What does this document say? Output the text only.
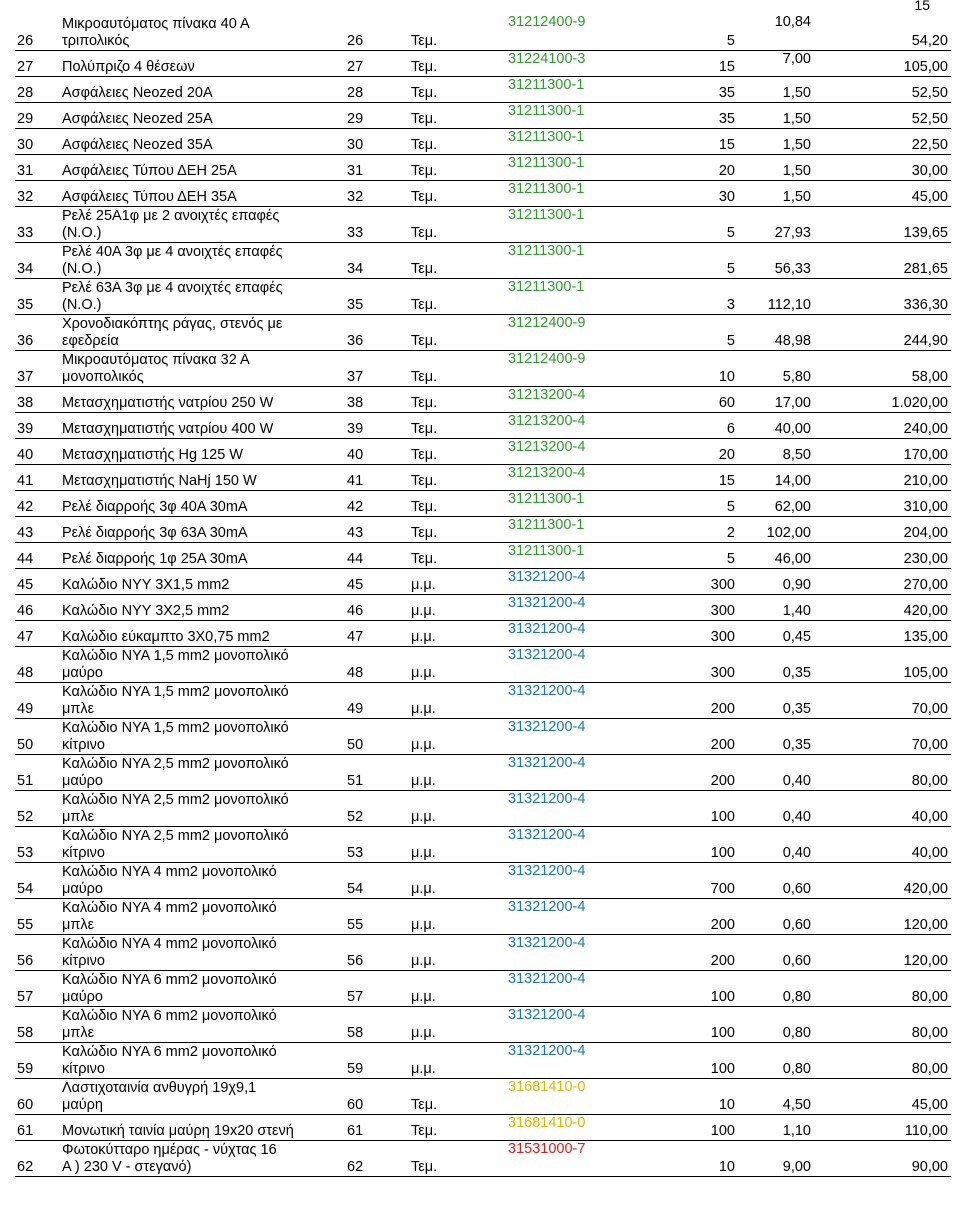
15
26	Μικροαυτόματος πίνακα 40 Α
τριπολικός	26	Τεμ.	31212400-9	5	10,84	54,20
27	Πολύπριζο 4 θέσεων	27	Τεμ.	31224100-3	15	7,00	105,00
28	Ασφάλειες Neozed 20A	28	Τεμ.	31211300-1	35	1,50	52,50
29	Ασφάλειες Neozed 25A	29	Τεμ.	31211300-1	35	1,50	52,50
30	Ασφάλειες Neozed 35A	30	Τεμ.	31211300-1	15	1,50	22,50
31	Ασφάλειες Τύπου ΔΕΗ 25Α	31	Τεμ.	31211300-1	20	1,50	30,00
32	Ασφάλειες Τύπου ΔΕΗ 35Α	32	Τεμ.	31211300-1	30	1,50	45,00
33	Ρελέ 25Α1φ με 2 ανοιχτές επαφές
(Ν.Ο.)	33	Τεμ.	31211300-1	5	27,93	139,65
34	Ρελέ 40Α 3φ με 4 ανοιχτές επαφές
(Ν.Ο.)	34	Τεμ.	31211300-1	5	56,33	281,65
35	Ρελέ 63Α 3φ με 4 ανοιχτές επαφές
(Ν.Ο.)	35	Τεμ.	31211300-1	3	112,10	336,30
36	Χρονοδιακόπτης ράγας, στενός με
εφεδρεία	36	Τεμ.	31212400-9	5	48,98	244,90
37	Μικροαυτόματος πίνακα 32 Α
μονοπολικός	37	Τεμ.	31212400-9	10	5,80	58,00
38	Μετασχηματιστής νατρίου 250 W	38	Τεμ.	31213200-4	60	17,00	1.020,00
39	Μετασχηματιστής νατρίου 400 W	39	Τεμ.	31213200-4	6	40,00	240,00
40	Μετασχηματιστής Hg 125 W	40	Τεμ.	31213200-4	20	8,50	170,00
41	Μετασχηματιστής NaHj 150 W	41	Τεμ.	31213200-4	15	14,00	210,00
42	Ρελέ διαρροής 3φ 40Α 30mA	42	Τεμ.	31211300-1	5	62,00	310,00
43	Ρελέ διαρροής 3φ 63Α 30mA	43	Τεμ.	31211300-1	2	102,00	204,00
44	Ρελέ διαρροής 1φ 25Α 30mA	44	Τεμ.	31211300-1	5	46,00	230,00
45	Καλώδιο NYY 3X1,5 mm2	45	μ.μ.	31321200-4	300	0,90	270,00
46	Καλώδιο NYY 3X2,5 mm2	46	μ.μ.	31321200-4	300	1,40	420,00
47	Καλώδιο εύκαμπτο 3Χ0,75 mm2	47	μ.μ.	31321200-4	300	0,45	135,00
48	Καλώδιο NYA 1,5 mm2 μονοπολικό
μαύρο	48	μ.μ.	31321200-4	300	0,35	105,00
49	Καλώδιο NYA 1,5 mm2 μονοπολικό
μπλε	49	μ.μ.	31321200-4	200	0,35	70,00
50	Καλώδιο NYA 1,5 mm2 μονοπολικό
κίτρινο	50	μ.μ.	31321200-4	200	0,35	70,00
51	Καλώδιο NYA 2,5 mm2 μονοπολικό
μαύρο	51	μ.μ.	31321200-4	200	0,40	80,00
52	Καλώδιο NYA 2,5 mm2 μονοπολικό
μπλε	52	μ.μ.	31321200-4	100	0,40	40,00
53	Καλώδιο NYA 2,5 mm2 μονοπολικό
κίτρινο	53	μ.μ.	31321200-4	100	0,40	40,00
54	Καλώδιο NYA 4 mm2 μονοπολικό
μαύρο	54	μ.μ.	31321200-4	700	0,60	420,00
55	Καλώδιο NYA 4 mm2 μονοπολικό
μπλε	55	μ.μ.	31321200-4	200	0,60	120,00
56	Καλώδιο NYA 4 mm2 μονοπολικό
κίτρινο	56	μ.μ.	31321200-4	200	0,60	120,00
57	Καλώδιο NYA 6 mm2 μονοπολικό
μαύρο	57	μ.μ.	31321200-4	100	0,80	80,00
58	Καλώδιο NYA 6 mm2 μονοπολικό
μπλε	58	μ.μ.	31321200-4	100	0,80	80,00
59	Καλώδιο NYA 6 mm2 μονοπολικό
κίτρινο	59	μ.μ.	31321200-4	100	0,80	80,00
60	Λαστιχοταινία ανθυγρή 19χ9,1
μαύρη	60	Τεμ.	31681410-0	10	4,50	45,00
61	Μονωτική ταινία μαύρη 19x20 στενή	61	Τεμ.	31681410-0	100	1,10	110,00
62	Φωτοκύτταρο ημέρας - νύχτας 16
Α ) 230 V - στεγανό)	62	Τεμ.	31531000-7	10	9,00	90,00
